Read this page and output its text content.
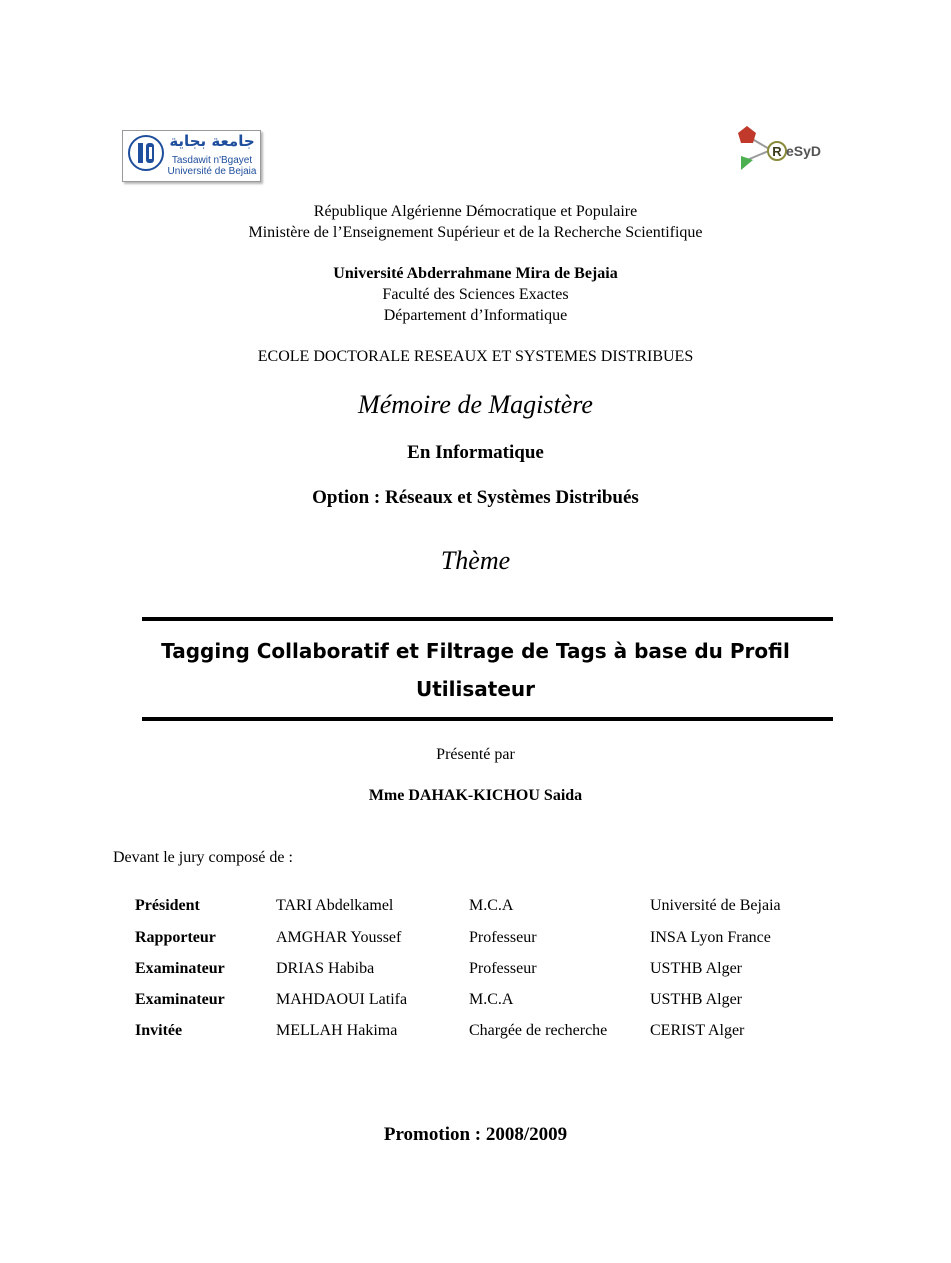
جامعة بجاية
Tasdawit n'Bgayet
Université de Bejaia
R eSyD
République Algérienne Démocratique et Populaire
Ministère de l’Enseignement Supérieur et de la Recherche Scientifique
Université Abderrahmane Mira de Bejaia
Faculté des Sciences Exactes
Département d’Informatique
ECOLE DOCTORALE RESEAUX ET SYSTEMES DISTRIBUES
Mémoire de Magistère
En Informatique
Option : Réseaux et Systèmes Distribués
Thème
Tagging Collaboratif et Filtrage de Tags à base du Profil
Utilisateur
Présenté par
Mme DAHAK-KICHOU Saida
Devant le jury composé de :
Président	TARI Abdelkamel	M.C.A	Université de Bejaia
Rapporteur	AMGHAR Youssef	Professeur	INSA Lyon France
Examinateur	DRIAS Habiba	Professeur	USTHB Alger
Examinateur	MAHDAOUI Latifa	M.C.A	USTHB Alger
Invitée	MELLAH Hakima	Chargée de recherche	CERIST Alger
Promotion : 2008/2009
